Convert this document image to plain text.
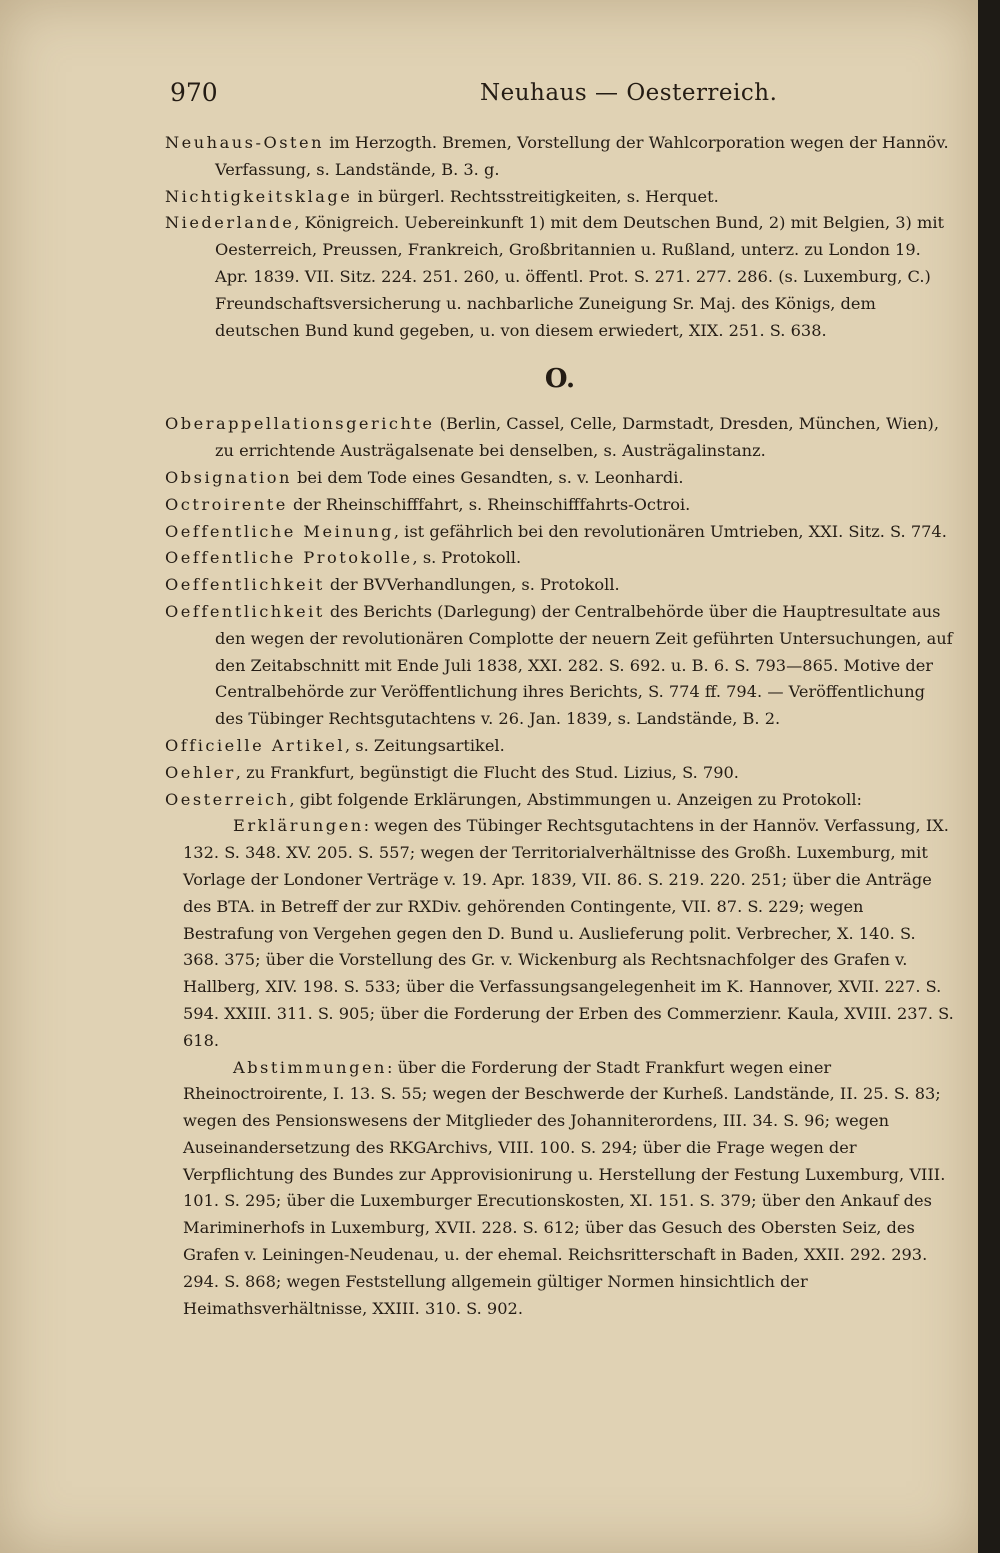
970	Neuhaus — Oesterreich.

Neuhaus-Osten im Herzogth. Bremen, Vorstellung der Wahlcorporation wegen der Hannöv. Verfassung, s. Landstände, B. 3. g.

Nichtigkeitsklage in bürgerl. Rechtsstreitigkeiten, s. Herquet.

Niederlande, Königreich. Uebereinkunft 1) mit dem Deutschen Bund, 2) mit Belgien, 3) mit Oesterreich, Preussen, Frankreich, Großbritannien u. Rußland, unterz. zu London 19. Apr. 1839. VII. Sitz. 224. 251. 260, u. öffentl. Prot. S. 271. 277. 286. (s. Luxemburg, C.) Freundschaftsversicherung u. nachbarliche Zuneigung Sr. Maj. des Königs, dem deutschen Bund kund gegeben, u. von diesem erwiedert, XIX. 251. S. 638.

O.

Oberappellationsgerichte (Berlin, Cassel, Celle, Darmstadt, Dresden, München, Wien), zu errichtende Austrägalsenate bei denselben, s. Austrägalinstanz.

Obsignation bei dem Tode eines Gesandten, s. v. Leonhardi.

Octroirente der Rheinschifffahrt, s. Rheinschifffahrts-Octroi.

Oeffentliche Meinung, ist gefährlich bei den revolutionären Umtrieben, XXI. Sitz. S. 774.

Oeffentliche Protokolle, s. Protokoll.

Oeffentlichkeit der BVVerhandlungen, s. Protokoll.

Oeffentlichkeit des Berichts (Darlegung) der Centralbehörde über die Hauptresultate aus den wegen der revolutionären Complotte der neuern Zeit geführten Untersuchungen, auf den Zeitabschnitt mit Ende Juli 1838, XXI. 282. S. 692. u. B. 6. S. 793—865. Motive der Centralbehörde zur Veröffentlichung ihres Berichts, S. 774 ff. 794. — Veröffentlichung des Tübinger Rechtsgutachtens v. 26. Jan. 1839, s. Landstände, B. 2.

Officielle Artikel, s. Zeitungsartikel.

Oehler, zu Frankfurt, begünstigt die Flucht des Stud. Lizius, S. 790.

Oesterreich, gibt folgende Erklärungen, Abstimmungen u. Anzeigen zu Protokoll:

Erklärungen: wegen des Tübinger Rechtsgutachtens in der Hannöv. Verfassung, IX. 132. S. 348. XV. 205. S. 557; wegen der Territorialverhältnisse des Großh. Luxemburg, mit Vorlage der Londoner Verträge v. 19. Apr. 1839, VII. 86. S. 219. 220. 251; über die Anträge des BTA. in Betreff der zur RXDiv. gehörenden Contingente, VII. 87. S. 229; wegen Bestrafung von Vergehen gegen den D. Bund u. Auslieferung polit. Verbrecher, X. 140. S. 368. 375; über die Vorstellung des Gr. v. Wickenburg als Rechtsnachfolger des Grafen v. Hallberg, XIV. 198. S. 533; über die Verfassungsangelegenheit im K. Hannover, XVII. 227. S. 594. XXIII. 311. S. 905; über die Forderung der Erben des Commerzienr. Kaula, XVIII. 237. S. 618.

Abstimmungen: über die Forderung der Stadt Frankfurt wegen einer Rheinoctroirente, I. 13. S. 55; wegen der Beschwerde der Kurheß. Landstände, II. 25. S. 83; wegen des Pensionswesens der Mitglieder des Johanniterordens, III. 34. S. 96; wegen Auseinandersetzung des RKGArchivs, VIII. 100. S. 294; über die Frage wegen der Verpflichtung des Bundes zur Approvisionirung u. Herstellung der Festung Luxemburg, VIII. 101. S. 295; über die Luxemburger Erecutionskosten, XI. 151. S. 379; über den Ankauf des Mariminerhofs in Luxemburg, XVII. 228. S. 612; über das Gesuch des Obersten Seiz, des Grafen v. Leiningen-Neudenau, u. der ehemal. Reichsritterschaft in Baden, XXII. 292. 293. 294. S. 868; wegen Feststellung allgemein gültiger Normen hinsichtlich der Heimathsverhältnisse, XXIII. 310. S. 902.
